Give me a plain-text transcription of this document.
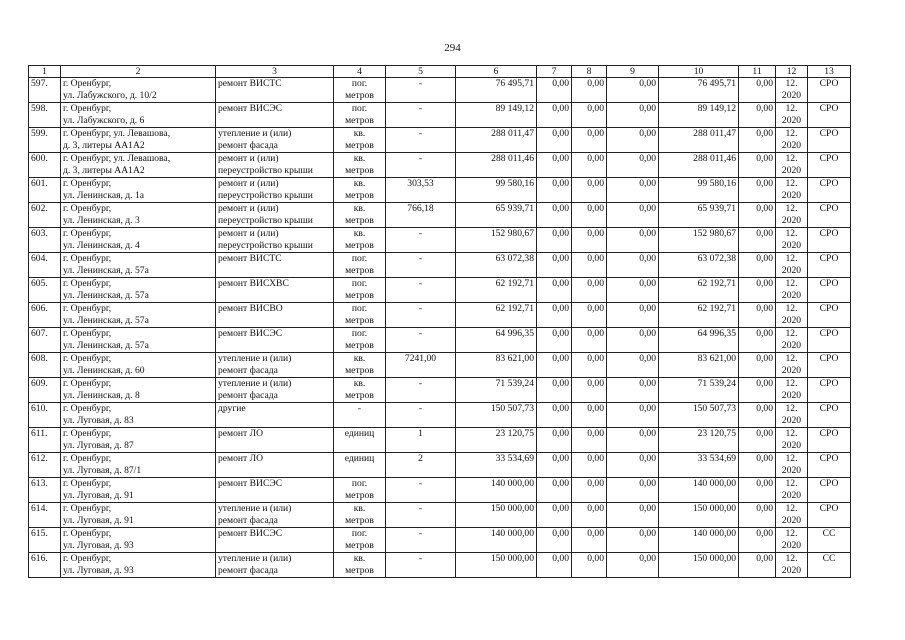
294
1	2	3	4	5	6	7	8	9	10	11	12	13

597.	г. Оренбург,
ул. Лабужского, д. 10/2	ремонт ВИСТС	пог.
метров	-	76 495,71	0,00	0,00	0,00	76 495,71	0,00	12.
2020	СРО

598.	г. Оренбург,
ул. Лабужского, д. 6	ремонт ВИСЭС	пог.
метров	-	89 149,12	0,00	0,00	0,00	89 149,12	0,00	12.
2020	СРО

599.	г. Оренбург, ул. Левашова,
д. 3, литеры АА1А2	утепление и (или)
ремонт фасада	кв.
метров	-	288 011,47	0,00	0,00	0,00	288 011,47	0,00	12.
2020	СРО

600.	г. Оренбург, ул. Левашова,
д. 3, литеры АА1А2	ремонт и (или)
переустройство крыши	кв.
метров	-	288 011,46	0,00	0,00	0,00	288 011,46	0,00	12.
2020	СРО

601.	г. Оренбург,
ул. Ленинская, д. 1а	ремонт и (или)
переустройство крыши	кв.
метров	303,53	99 580,16	0,00	0,00	0,00	99 580,16	0,00	12.
2020	СРО

602.	г. Оренбург,
ул. Ленинская, д. 3	ремонт и (или)
переустройство крыши	кв.
метров	766,18	65 939,71	0,00	0,00	0,00	65 939,71	0,00	12.
2020	СРО

603.	г. Оренбург,
ул. Ленинская, д. 4	ремонт и (или)
переустройство крыши	кв.
метров	-	152 980,67	0,00	0,00	0,00	152 980,67	0,00	12.
2020	СРО

604.	г. Оренбург,
ул. Ленинская, д. 57а	ремонт ВИСТС	пог.
метров	-	63 072,38	0,00	0,00	0,00	63 072,38	0,00	12.
2020	СРО

605.	г. Оренбург,
ул. Ленинская, д. 57а	ремонт ВИСХВС	пог.
метров	-	62 192,71	0,00	0,00	0,00	62 192,71	0,00	12.
2020	СРО

606.	г. Оренбург,
ул. Ленинская, д. 57а	ремонт ВИСВО	пог.
метров	-	62 192,71	0,00	0,00	0,00	62 192,71	0,00	12.
2020	СРО

607.	г. Оренбург,
ул. Ленинская, д. 57а	ремонт ВИСЭС	пог.
метров	-	64 996,35	0,00	0,00	0,00	64 996,35	0,00	12.
2020	СРО

608.	г. Оренбург,
ул. Ленинская, д. 60	утепление и (или)
ремонт фасада	кв.
метров	7241,00	83 621,00	0,00	0,00	0,00	83 621,00	0,00	12.
2020	СРО

609.	г. Оренбург,
ул. Ленинская, д. 8	утепление и (или)
ремонт фасада	кв.
метров	-	71 539,24	0,00	0,00	0,00	71 539,24	0,00	12.
2020	СРО

610.	г. Оренбург,
ул. Луговая, д. 83	другие	-	-	150 507,73	0,00	0,00	0,00	150 507,73	0,00	12.
2020	СРО

611.	г. Оренбург,
ул. Луговая, д. 87	ремонт ЛО	единиц	1	23 120,75	0,00	0,00	0,00	23 120,75	0,00	12.
2020	СРО

612.	г. Оренбург,
ул. Луговая, д. 87/1	ремонт ЛО	единиц	2	33 534,69	0,00	0,00	0,00	33 534,69	0,00	12.
2020	СРО

613.	г. Оренбург,
ул. Луговая, д. 91	ремонт ВИСЭС	пог.
метров	-	140 000,00	0,00	0,00	0,00	140 000,00	0,00	12.
2020	СРО

614.	г. Оренбург,
ул. Луговая, д. 91	утепление и (или)
ремонт фасада	кв.
метров	-	150 000,00	0,00	0,00	0,00	150 000,00	0,00	12.
2020	СРО

615.	г. Оренбург,
ул. Луговая, д. 93	ремонт ВИСЭС	пог.
метров	-	140 000,00	0,00	0,00	0,00	140 000,00	0,00	12.
2020	СС

616.	г. Оренбург,
ул. Луговая, д. 93	утепление и (или)
ремонт фасада	кв.
метров	-	150 000,00	0,00	0,00	0,00	150 000,00	0,00	12.
2020	СС
